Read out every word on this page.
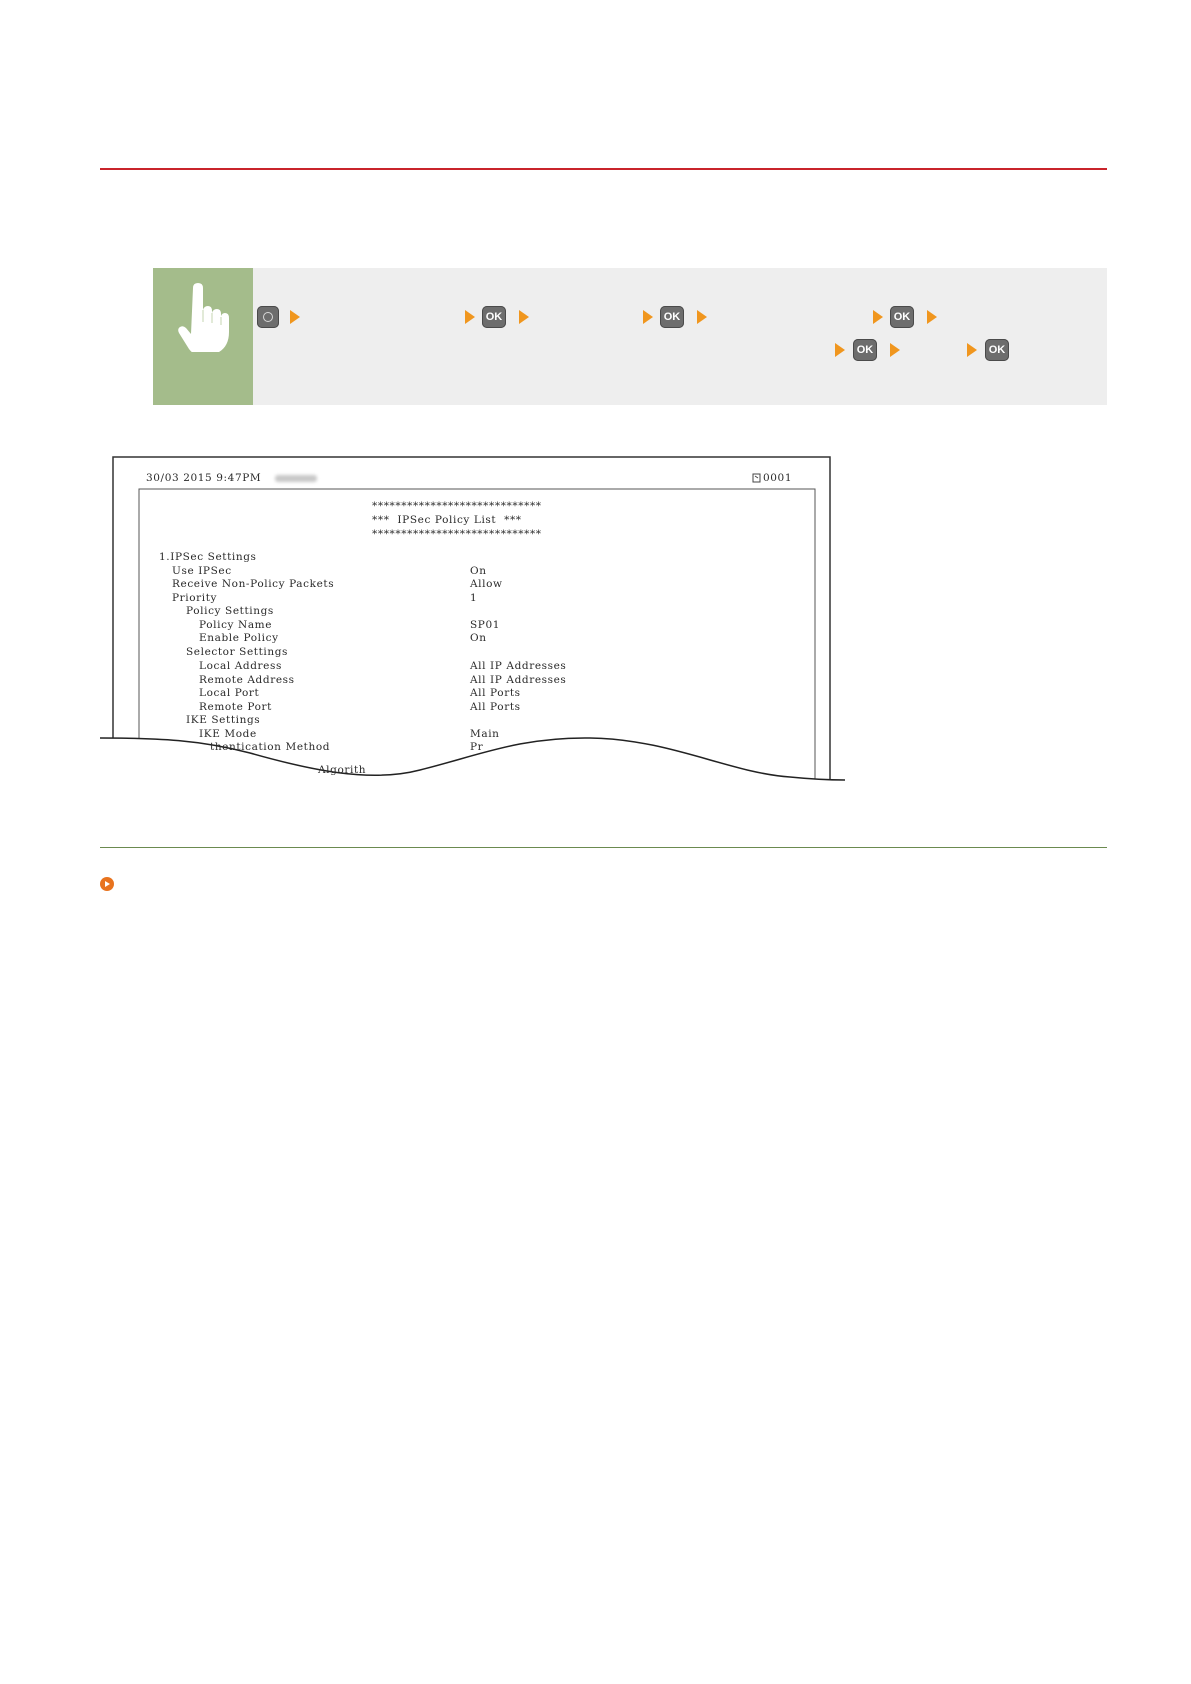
OK	OK	OK
OK	OK
30/03 2015 9:47PM	0001
*****************************
***  IPSec Policy List  ***
*****************************
1.IPSec Settings
Use IPSec	On
Receive Non-Policy Packets	Allow
Priority	1
Policy Settings
Policy Name	SP01
Enable Policy	On
Selector Settings
Local Address	All IP Addresses
Remote Address	All IP Addresses
Local Port	All Ports
Remote Port	All Ports
IKE Settings
IKE Mode	Main
thentication Method	Pr
Algorith
